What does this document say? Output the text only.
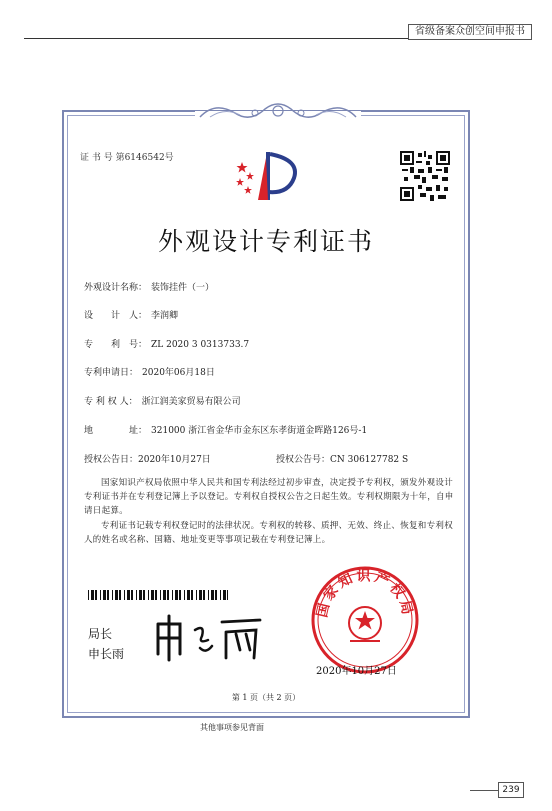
省级备案众创空间申报书
证 书 号 第6146542号
外观设计专利证书
外观设计名称： 装饰挂件（一）
设　　计　人： 李润卿
专　　利　号： ZL 2020 3 0313733.7
专利申请日： 2020年06月18日
专 利 权 人： 浙江润美家贸易有限公司
地　　　　址： 321000 浙江省金华市金东区东孝街道金晖路126号-1
授权公告日：2020年10月27日	授权公告号：CN 306127782 S
国家知识产权局依照中华人民共和国专利法经过初步审查，决定授予专利权，颁发外观设计专利证书并在专利登记簿上予以登记。专利权自授权公告之日起生效。专利权期限为十年，自申请日起算。
专利证书记载专利权登记时的法律状况。专利权的转移、质押、无效、终止、恢复和专利权人的姓名或名称、国籍、地址变更等事项记载在专利登记簿上。
局长
申长雨
国家知识产权局
2020年10月27日
第 1 页（共 2 页）
其他事项参见背面
239
